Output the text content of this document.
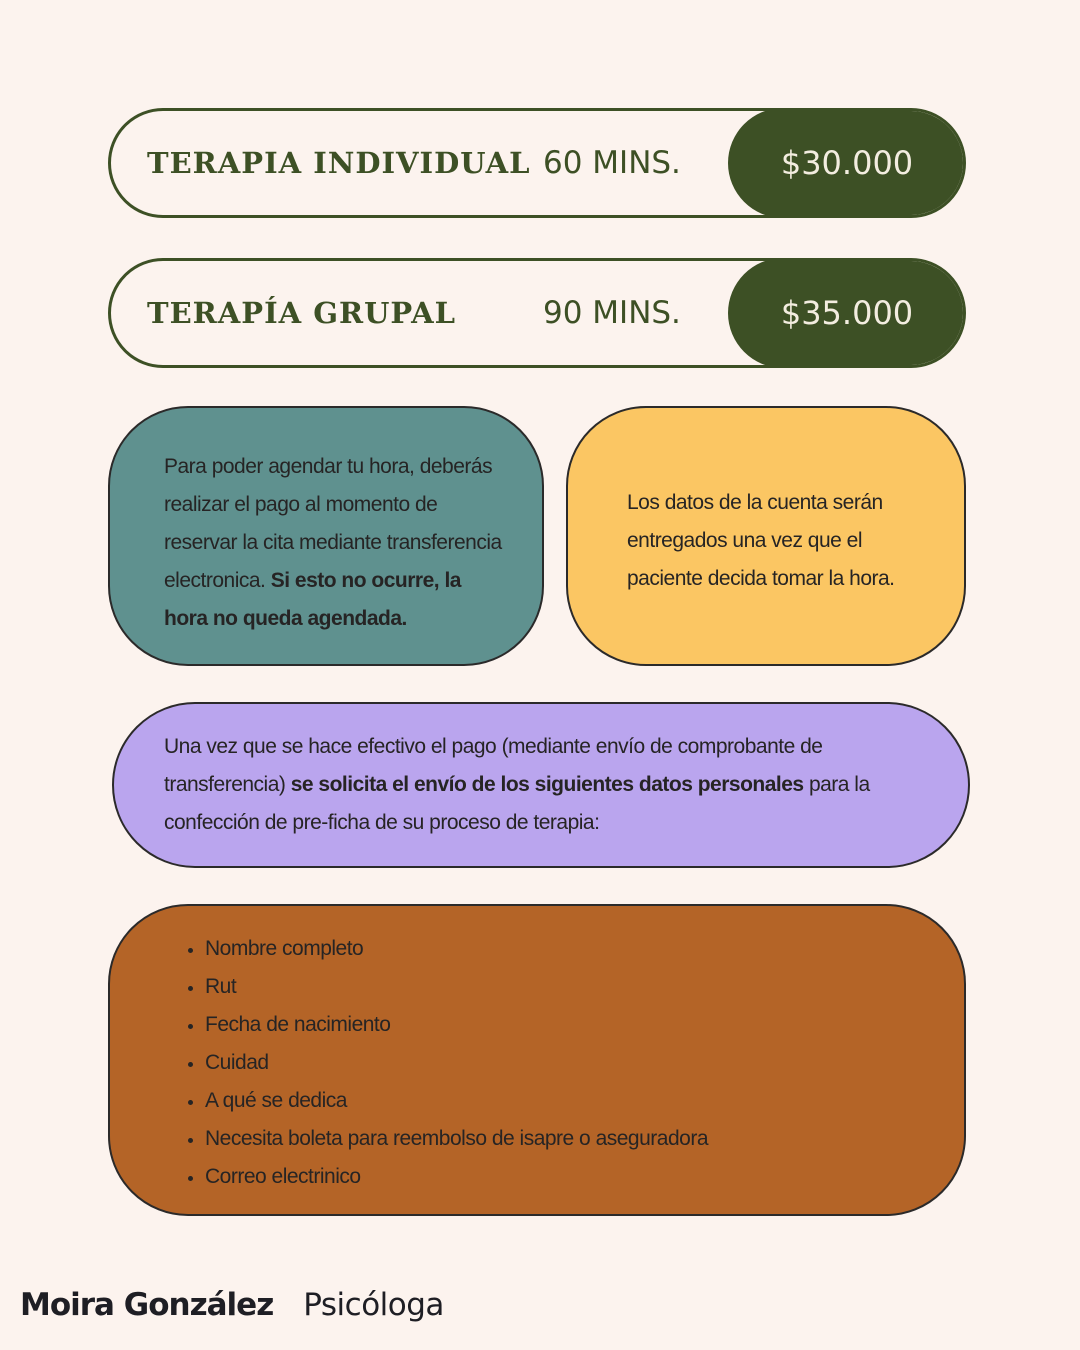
TERAPIA INDIVIDUAL 60 MINS.	$30.000
TERAPÍA GRUPAL	90 MINS.	$35.000
Para poder agendar tu hora, deberás realizar el pago al momento de reservar la cita mediante transferencia electronica. Si esto no ocurre, la hora no queda agendada.
Los datos de la cuenta serán entregados una vez que el paciente decida tomar la hora.
Una vez que se hace efectivo el pago (mediante envío de comprobante de transferencia) se solicita el envío de los siguientes datos personales para la confección de pre-ficha de su proceso de terapia:
• Nombre completo
• Rut
• Fecha de nacimiento
• Cuidad
• A qué se dedica
• Necesita boleta para reembolso de isapre o aseguradora
• Correo electrinico
Moira González Psicóloga
